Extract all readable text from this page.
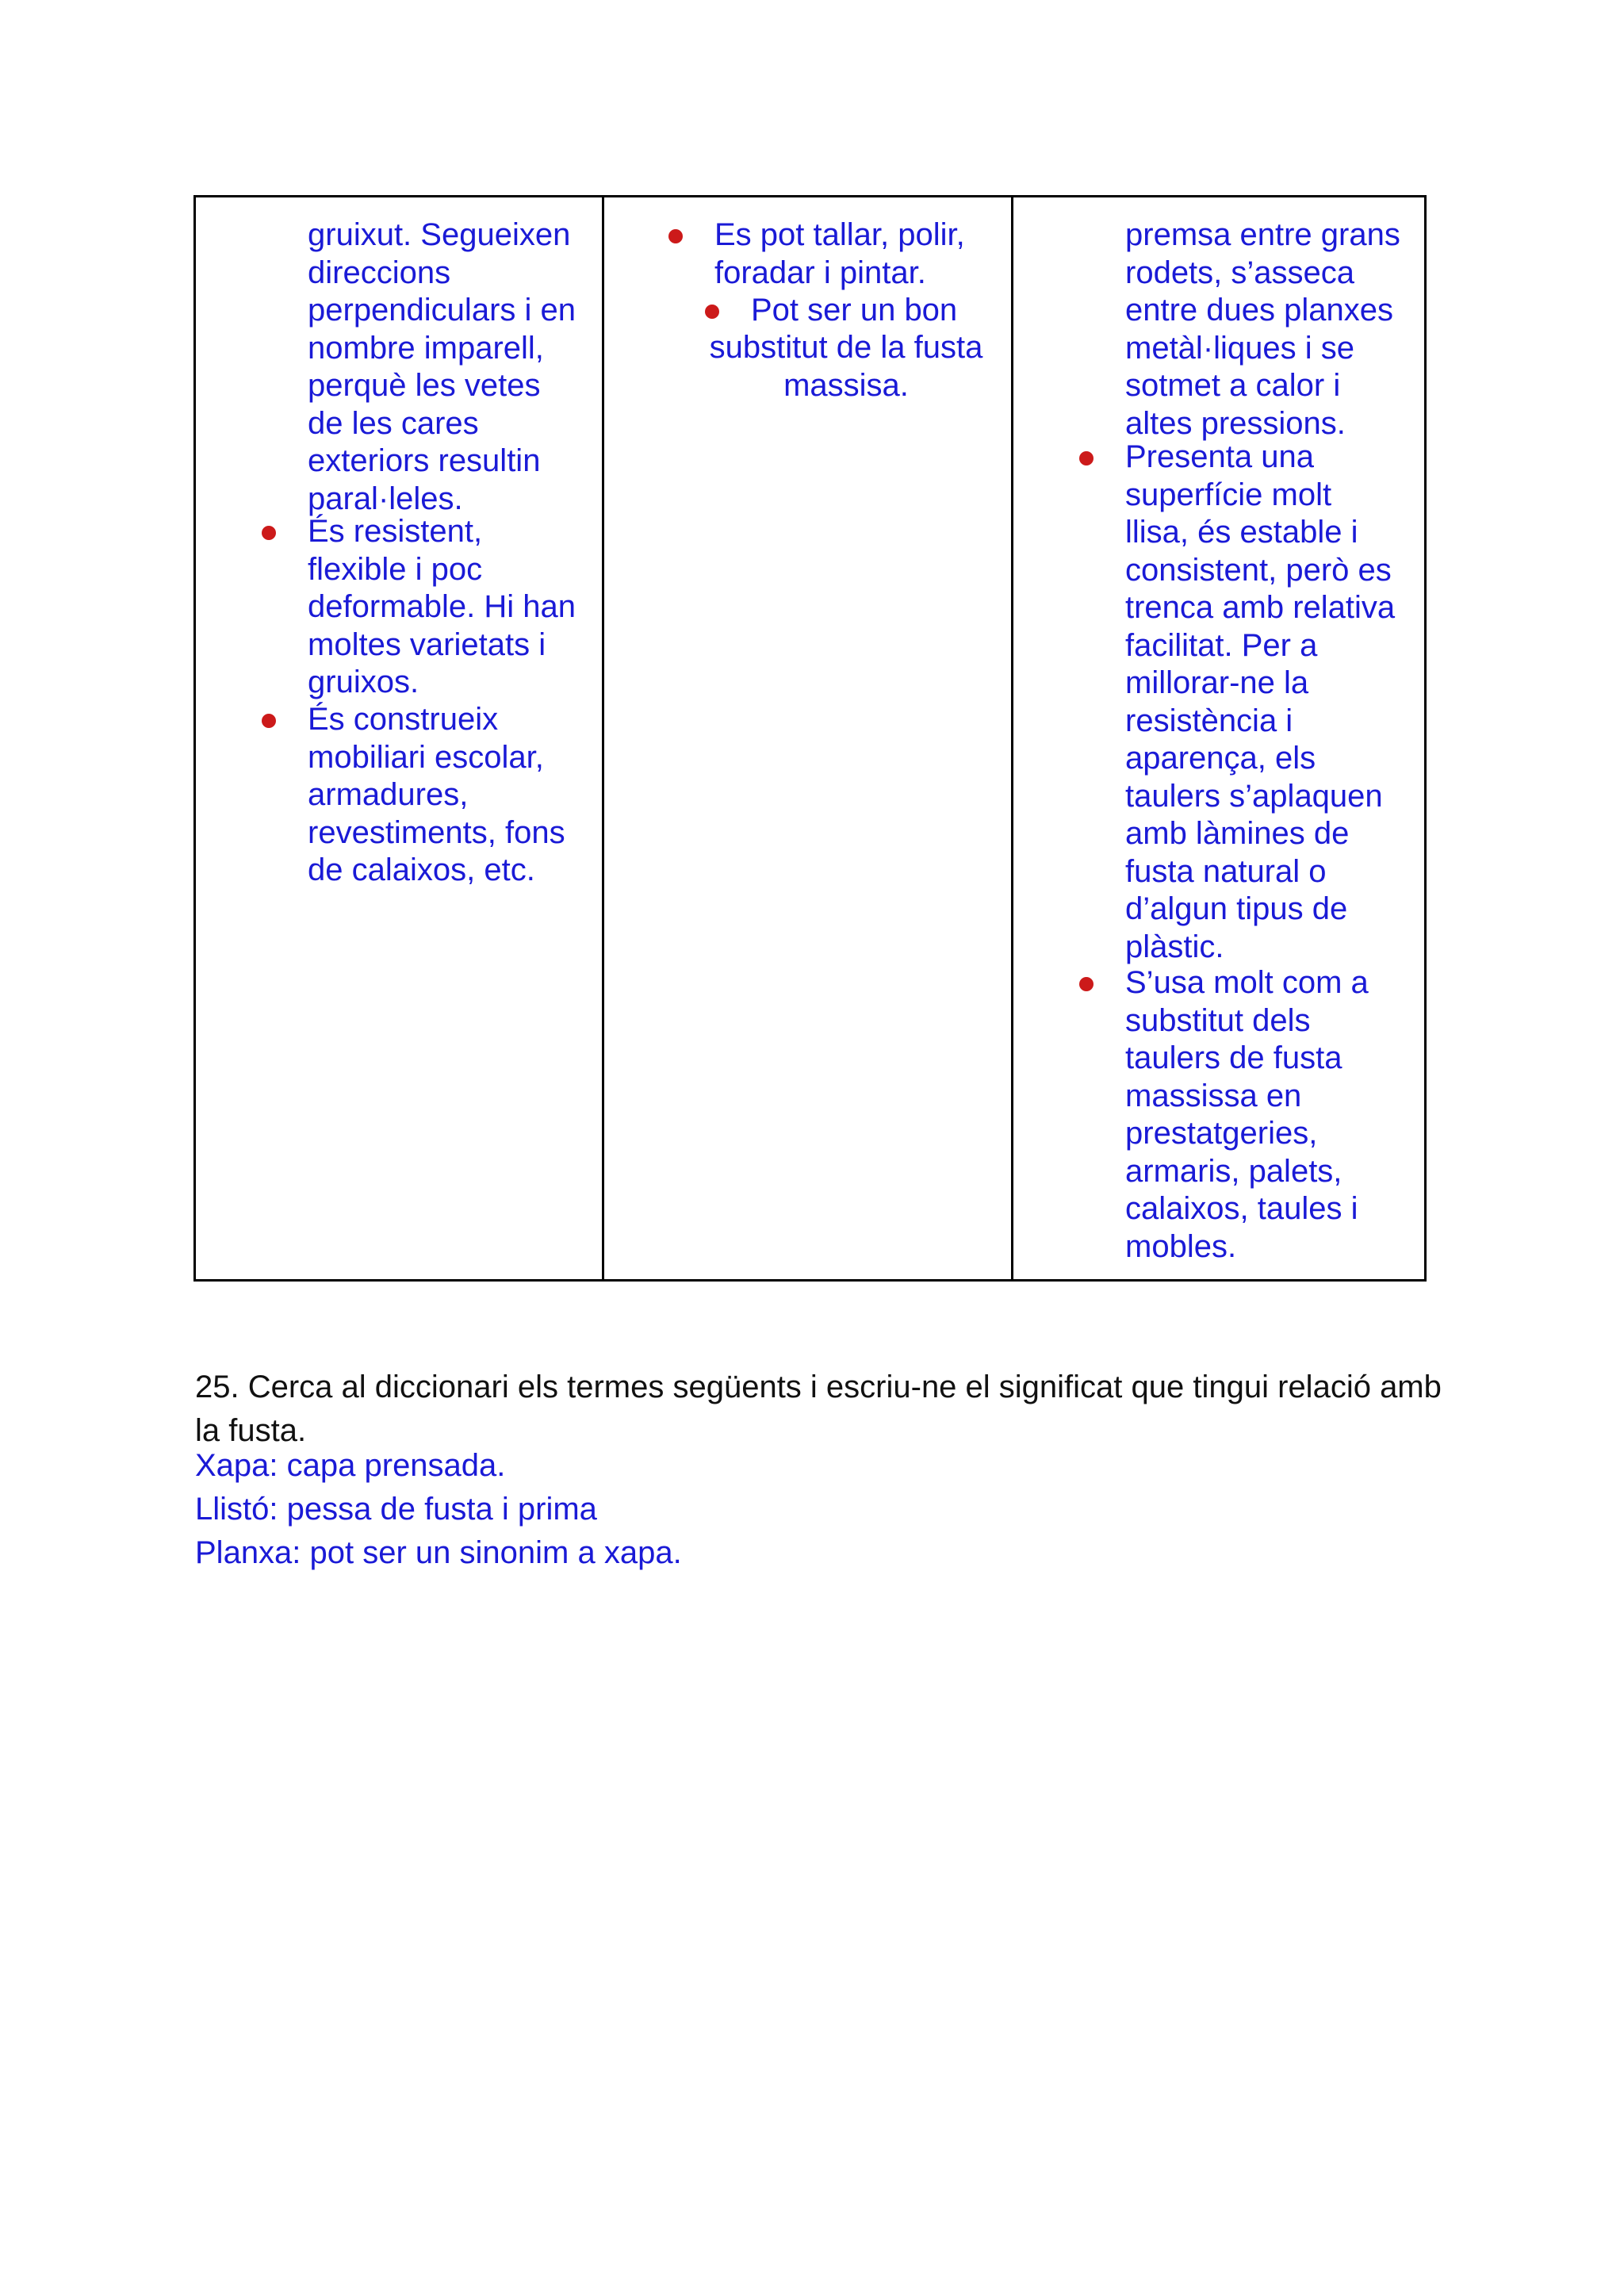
gruixut. Segueixen
direccions
perpendiculars i en
nombre imparell,
perquè les vetes
de les cares
exteriors resultin
paral·leles.

És resistent,
flexible i poc
deformable. Hi han
moltes varietats i
gruixos.

És construeix
mobiliari escolar,
armadures,
revestiments, fons
de calaixos, etc.

Es pot tallar, polir,
foradar i pintar.

Pot ser un bon

substitut de la fusta
massisa.

premsa entre grans
rodets, s’asseca
entre dues planxes
metàl·liques i se
sotmet a calor i
altes pressions.

Presenta una
superfície molt
llisa, és estable i
consistent, però es
trenca amb relativa
facilitat. Per a
millorar-ne la
resistència i
aparença, els
taulers s’aplaquen
amb làmines de
fusta natural o
d’algun tipus de
plàstic.

S’usa molt com a
substitut dels
taulers de fusta
massissa en
prestatgeries,
armaris, palets,
calaixos, taules i
mobles.

25. Cerca al diccionari els termes següents i escriu-ne el significat que tingui relació amb la fusta.

Xapa: capa prensada.

Llistó: pessa de fusta i prima

Planxa: pot ser un sinonim a xapa.
